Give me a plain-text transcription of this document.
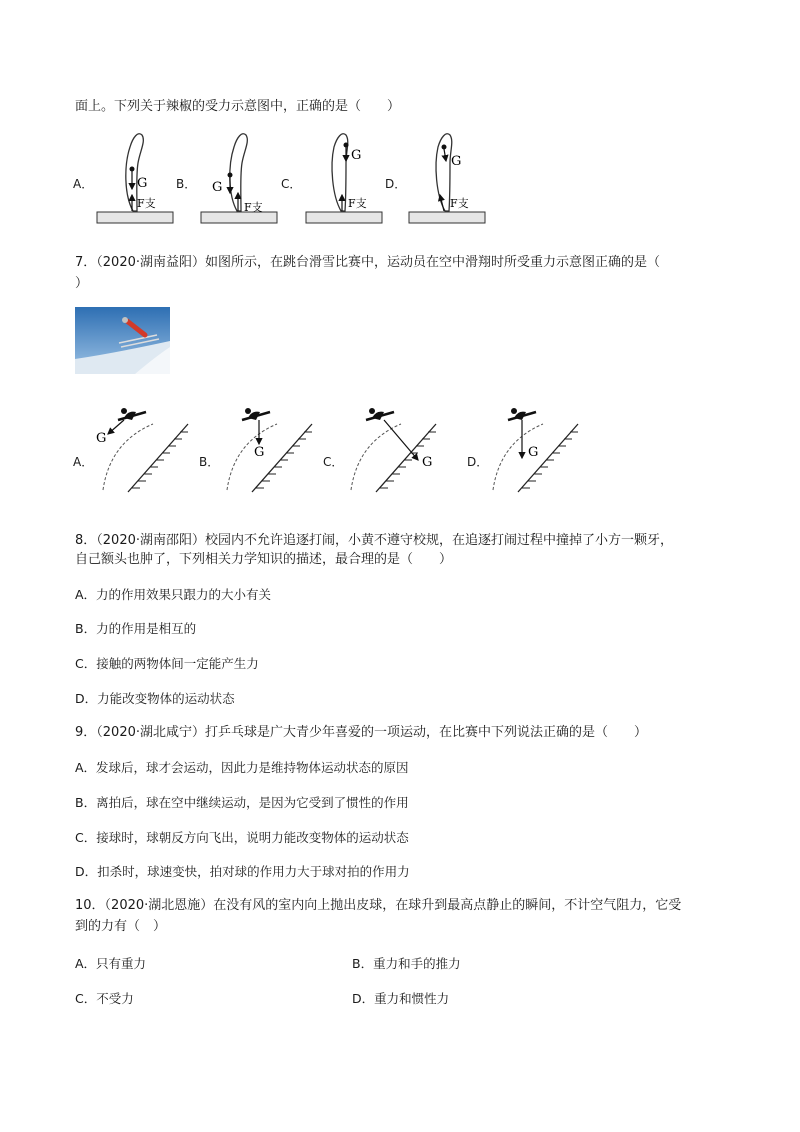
面上。下列关于辣椒的受力示意图中，正确的是（　　）
A．	B．	C．	D．
G
F支
G
F支
G
F支
G
F支
7．（2020·湖南益阳）如图所示，在跳台滑雪比赛中，运动员在空中滑翔时所受重力示意图正确的是（
）
A．	B．	C．	D．
G
G
G
G
8．（2020·湖南邵阳）校园内不允许追逐打闹，小黄不遵守校规，在追逐打闹过程中撞掉了小方一颗牙，
自己额头也肿了，下列相关力学知识的描述，最合理的是（　　）
A．力的作用效果只跟力的大小有关
B．力的作用是相互的
C．接触的两物体间一定能产生力
D．力能改变物体的运动状态
9．（2020·湖北咸宁）打乒乓球是广大青少年喜爱的一项运动，在比赛中下列说法正确的是（　　）
A．发球后，球才会运动，因此力是维持物体运动状态的原因
B．离拍后，球在空中继续运动，是因为它受到了惯性的作用
C．接球时，球朝反方向飞出，说明力能改变物体的运动状态
D．扣杀时，球速变快，拍对球的作用力大于球对拍的作用力
10．（2020·湖北恩施）在没有风的室内向上抛出皮球，在球升到最高点静止的瞬间，不计空气阻力，它受
到的力有（　）
A．只有重力	B．重力和手的推力
C．不受力	D．重力和惯性力
